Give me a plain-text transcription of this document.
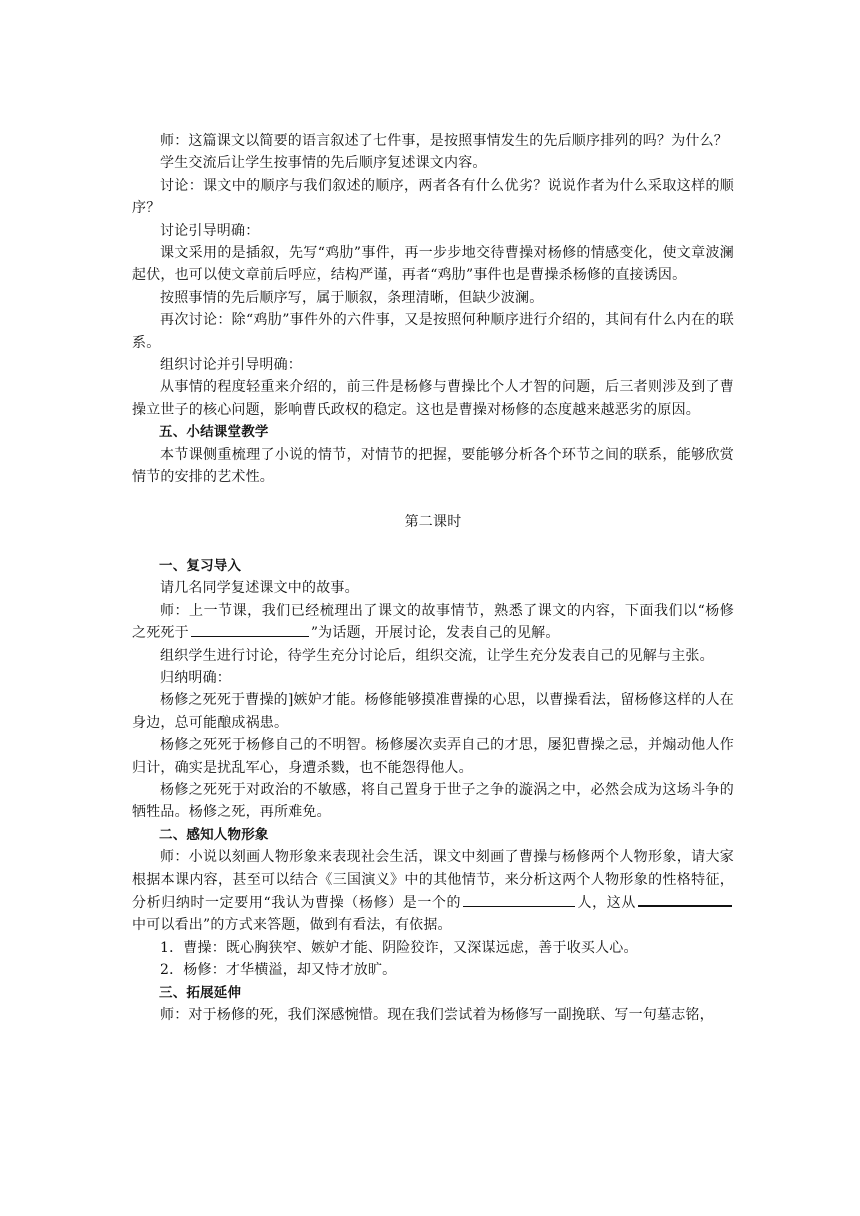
师：这篇课文以简要的语言叙述了七件事，是按照事情发生的先后顺序排列的吗？为什么？

学生交流后让学生按事情的先后顺序复述课文内容。

讨论：课文中的顺序与我们叙述的顺序，两者各有什么优劣？说说作者为什么采取这样的顺序？

讨论引导明确：

课文采用的是插叙，先写“鸡肋”事件，再一步步地交待曹操对杨修的情感变化，使文章波澜起伏，也可以使文章前后呼应，结构严谨，再者“鸡肋”事件也是曹操杀杨修的直接诱因。

按照事情的先后顺序写，属于顺叙，条理清晰，但缺少波澜。

再次讨论：除“鸡肋”事件外的六件事，又是按照何种顺序进行介绍的，其间有什么内在的联系。

组织讨论并引导明确：

从事情的程度轻重来介绍的，前三件是杨修与曹操比个人才智的问题，后三者则涉及到了曹操立世子的核心问题，影响曹氏政权的稳定。这也是曹操对杨修的态度越来越恶劣的原因。

五、小结课堂教学

本节课侧重梳理了小说的情节，对情节的把握，要能够分析各个环节之间的联系，能够欣赏情节的安排的艺术性。

第二课时

一、复习导入

请几名同学复述课文中的故事。

师：上一节课，我们已经梳理出了课文的故事情节，熟悉了课文的内容，下面我们以“杨修之死死于	”为话题，开展讨论，发表自己的见解。

组织学生进行讨论，待学生充分讨论后，组织交流，让学生充分发表自己的见解与主张。

归纳明确：

杨修之死死于曹操的]嫉妒才能。杨修能够摸准曹操的心思，以曹操看法，留杨修这样的人在身边，总可能酿成祸患。

杨修之死死于杨修自己的不明智。杨修屡次卖弄自己的才思，屡犯曹操之忌，并煽动他人作归计，确实是扰乱军心，身遭杀戮，也不能怨得他人。

杨修之死死于对政治的不敏感，将自己置身于世子之争的漩涡之中，必然会成为这场斗争的牺牲品。杨修之死，再所难免。

二、感知人物形象

师：小说以刻画人物形象来表现社会生活，课文中刻画了曹操与杨修两个人物形象，请大家根据本课内容，甚至可以结合《三国演义》中的其他情节，来分析这两个人物形象的性格特征，分析归纳时一定要用“我认为曹操（杨修）是一个的	人，这从中可以看出”的方式来答题，做到有看法，有依据。

1．曹操：既心胸狭窄、嫉妒才能、阴险狡诈，又深谋远虑，善于收买人心。

2．杨修：才华横溢，却又恃才放旷。

三、拓展延伸

师：对于杨修的死，我们深感惋惜。现在我们尝试着为杨修写一副挽联、写一句墓志铭，
